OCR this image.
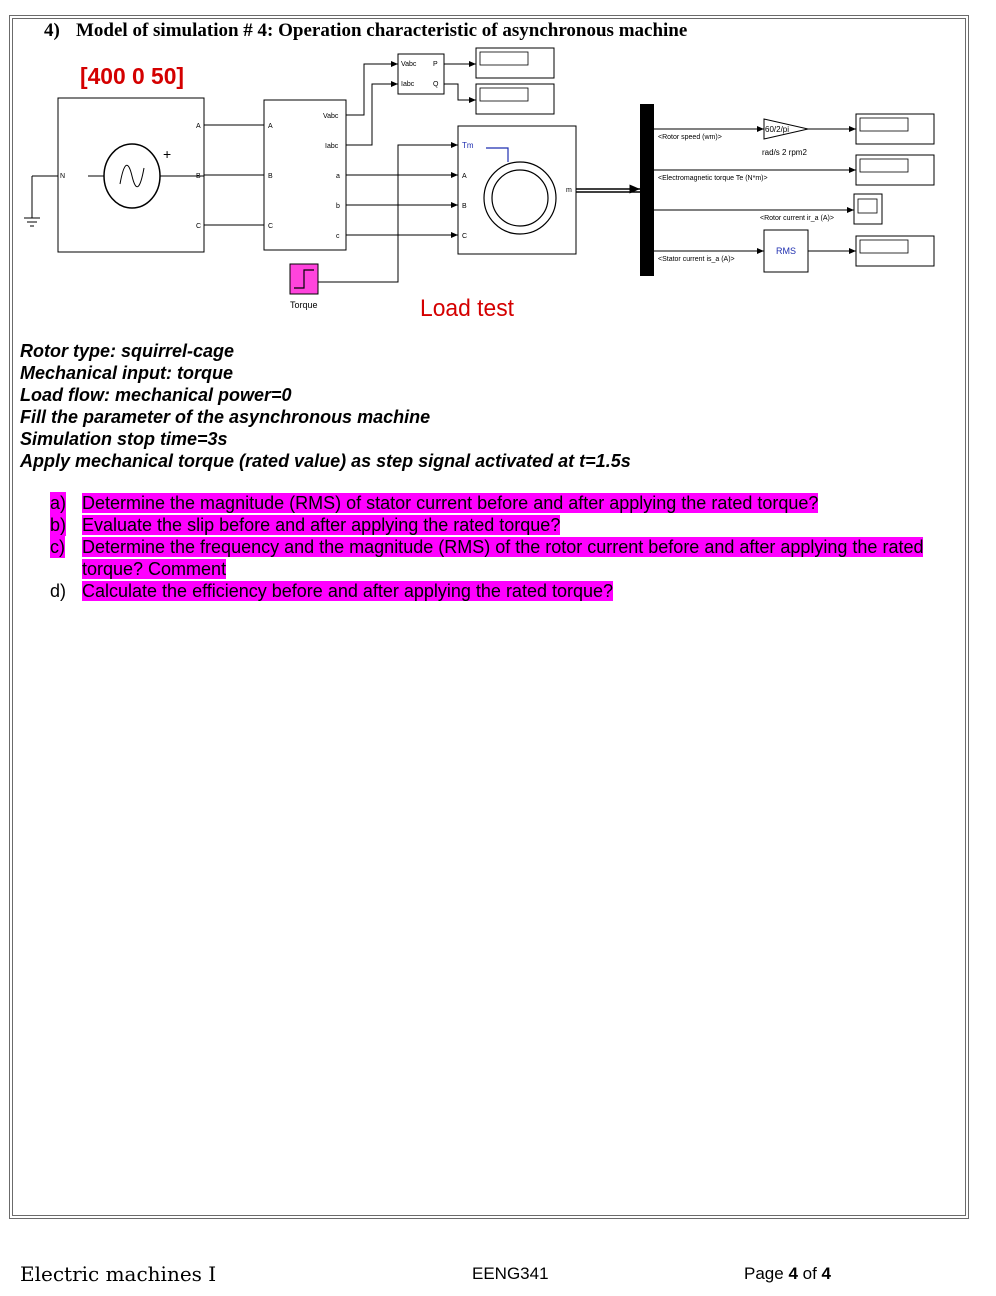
4) Model of simulation # 4: Operation characteristic of asynchronous machine
[400 0 50]
+
A
B
C
N
A
B
C
Vabc
Iabc
a
b
c
Vabc
Iabc
P
Q
Torque	Load test
Tm
A
B
C
m
<Rotor speed (wm)>
60/2/pi
rad/s 2 rpm2
<Electromagnetic torque Te (N*m)>
<Rotor current ir_a (A)>
<Stator current is_a (A)>
RMS
Rotor type: squirrel-cage
Mechanical input: torque
Load flow: mechanical power=0
Fill the parameter of the asynchronous machine
Simulation stop time=3s
Apply mechanical torque (rated value) as step signal activated at t=1.5s
a) Determine the magnitude (RMS) of stator current before and after applying the rated torque?
b) Evaluate the slip before and after applying the rated torque?
c) Determine the frequency and the magnitude (RMS) of the rotor current before and after applying the rated torque? Comment
d) Calculate the efficiency before and after applying the rated torque?
Electric machines I	EENG341	Page 4 of 4
